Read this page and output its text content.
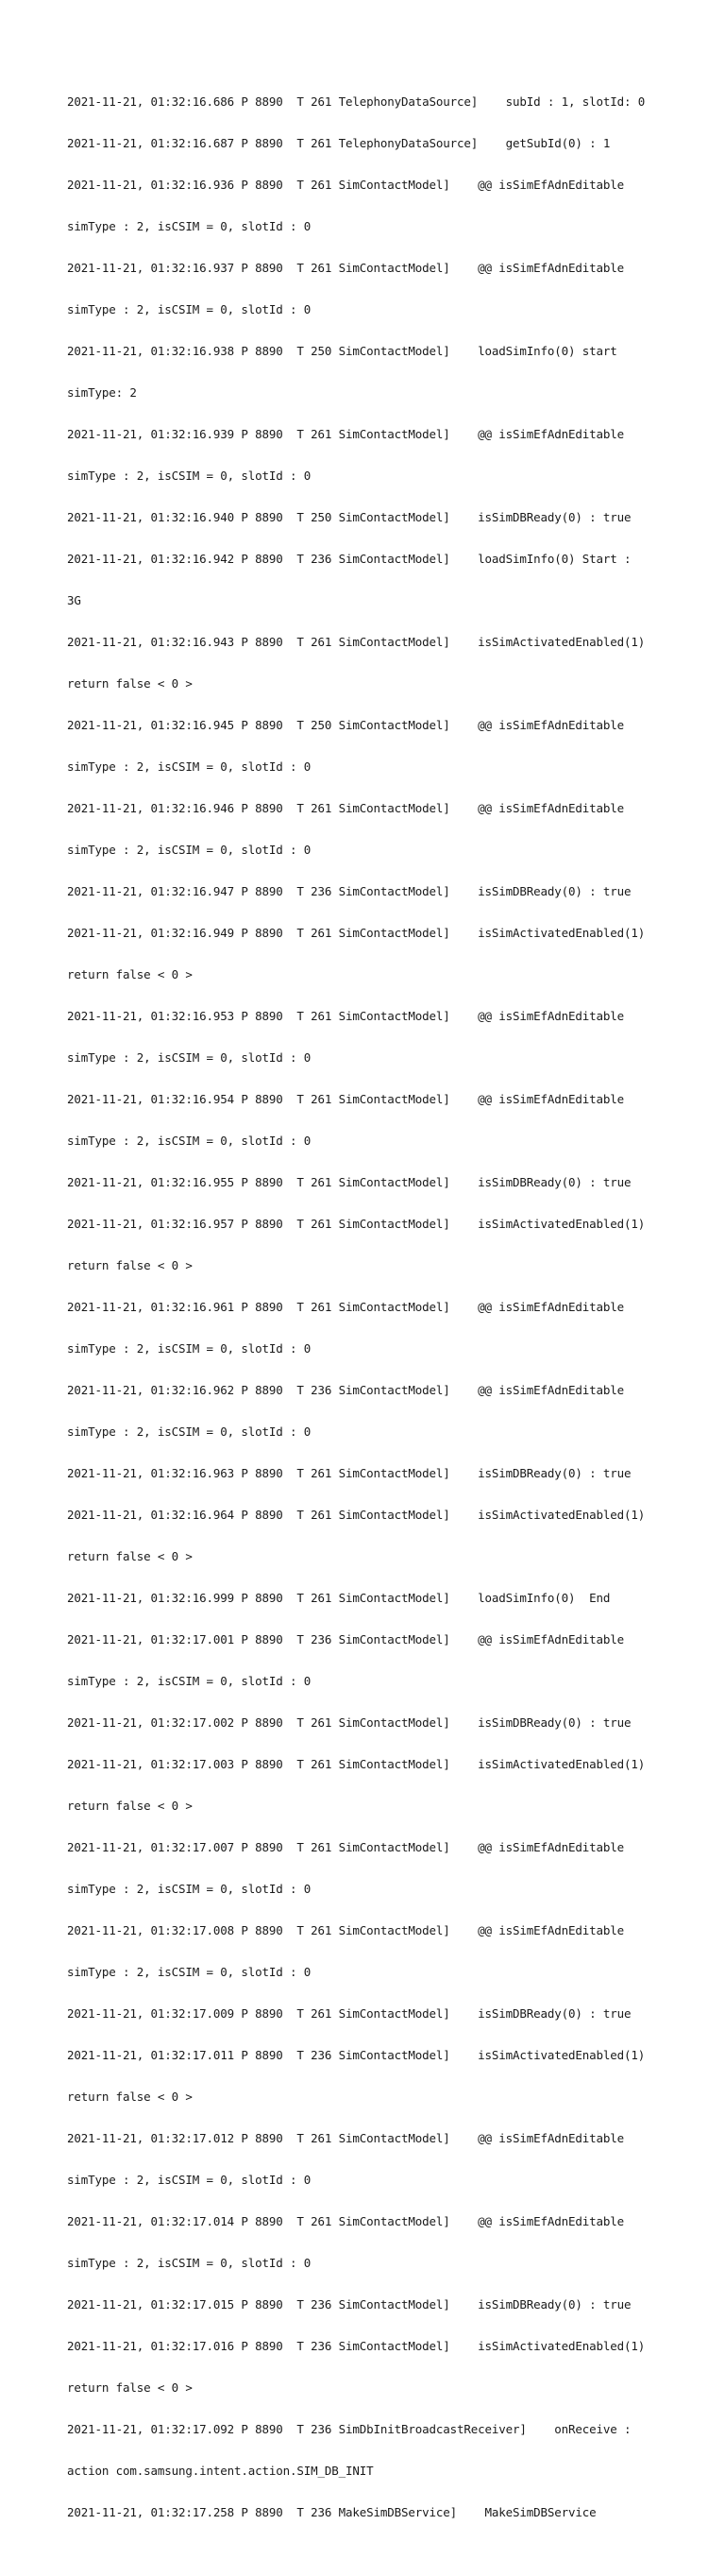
2021-11-21, 01:32:16.686 P 8890  T 261 TelephonyDataSource]    subId : 1, slotId: 0

2021-11-21, 01:32:16.687 P 8890  T 261 TelephonyDataSource]    getSubId(0) : 1

2021-11-21, 01:32:16.936 P 8890  T 261 SimContactModel]    @@ isSimEfAdnEditable

simType : 2, isCSIM = 0, slotId : 0

2021-11-21, 01:32:16.937 P 8890  T 261 SimContactModel]    @@ isSimEfAdnEditable

simType : 2, isCSIM = 0, slotId : 0

2021-11-21, 01:32:16.938 P 8890  T 250 SimContactModel]    loadSimInfo(0) start

simType: 2

2021-11-21, 01:32:16.939 P 8890  T 261 SimContactModel]    @@ isSimEfAdnEditable

simType : 2, isCSIM = 0, slotId : 0

2021-11-21, 01:32:16.940 P 8890  T 250 SimContactModel]    isSimDBReady(0) : true

2021-11-21, 01:32:16.942 P 8890  T 236 SimContactModel]    loadSimInfo(0) Start :

3G

2021-11-21, 01:32:16.943 P 8890  T 261 SimContactModel]    isSimActivatedEnabled(1)

return false < 0 >

2021-11-21, 01:32:16.945 P 8890  T 250 SimContactModel]    @@ isSimEfAdnEditable

simType : 2, isCSIM = 0, slotId : 0

2021-11-21, 01:32:16.946 P 8890  T 261 SimContactModel]    @@ isSimEfAdnEditable

simType : 2, isCSIM = 0, slotId : 0

2021-11-21, 01:32:16.947 P 8890  T 236 SimContactModel]    isSimDBReady(0) : true

2021-11-21, 01:32:16.949 P 8890  T 261 SimContactModel]    isSimActivatedEnabled(1)

return false < 0 >

2021-11-21, 01:32:16.953 P 8890  T 261 SimContactModel]    @@ isSimEfAdnEditable

simType : 2, isCSIM = 0, slotId : 0

2021-11-21, 01:32:16.954 P 8890  T 261 SimContactModel]    @@ isSimEfAdnEditable

simType : 2, isCSIM = 0, slotId : 0

2021-11-21, 01:32:16.955 P 8890  T 261 SimContactModel]    isSimDBReady(0) : true

2021-11-21, 01:32:16.957 P 8890  T 261 SimContactModel]    isSimActivatedEnabled(1)

return false < 0 >

2021-11-21, 01:32:16.961 P 8890  T 261 SimContactModel]    @@ isSimEfAdnEditable

simType : 2, isCSIM = 0, slotId : 0

2021-11-21, 01:32:16.962 P 8890  T 236 SimContactModel]    @@ isSimEfAdnEditable

simType : 2, isCSIM = 0, slotId : 0

2021-11-21, 01:32:16.963 P 8890  T 261 SimContactModel]    isSimDBReady(0) : true

2021-11-21, 01:32:16.964 P 8890  T 261 SimContactModel]    isSimActivatedEnabled(1)

return false < 0 >

2021-11-21, 01:32:16.999 P 8890  T 261 SimContactModel]    loadSimInfo(0)  End

2021-11-21, 01:32:17.001 P 8890  T 236 SimContactModel]    @@ isSimEfAdnEditable

simType : 2, isCSIM = 0, slotId : 0

2021-11-21, 01:32:17.002 P 8890  T 261 SimContactModel]    isSimDBReady(0) : true

2021-11-21, 01:32:17.003 P 8890  T 261 SimContactModel]    isSimActivatedEnabled(1)

return false < 0 >

2021-11-21, 01:32:17.007 P 8890  T 261 SimContactModel]    @@ isSimEfAdnEditable

simType : 2, isCSIM = 0, slotId : 0

2021-11-21, 01:32:17.008 P 8890  T 261 SimContactModel]    @@ isSimEfAdnEditable

simType : 2, isCSIM = 0, slotId : 0

2021-11-21, 01:32:17.009 P 8890  T 261 SimContactModel]    isSimDBReady(0) : true

2021-11-21, 01:32:17.011 P 8890  T 236 SimContactModel]    isSimActivatedEnabled(1)

return false < 0 >

2021-11-21, 01:32:17.012 P 8890  T 261 SimContactModel]    @@ isSimEfAdnEditable

simType : 2, isCSIM = 0, slotId : 0

2021-11-21, 01:32:17.014 P 8890  T 261 SimContactModel]    @@ isSimEfAdnEditable

simType : 2, isCSIM = 0, slotId : 0

2021-11-21, 01:32:17.015 P 8890  T 236 SimContactModel]    isSimDBReady(0) : true

2021-11-21, 01:32:17.016 P 8890  T 236 SimContactModel]    isSimActivatedEnabled(1)

return false < 0 >

2021-11-21, 01:32:17.092 P 8890  T 236 SimDbInitBroadcastReceiver]    onReceive :

action com.samsung.intent.action.SIM_DB_INIT

2021-11-21, 01:32:17.258 P 8890  T 236 MakeSimDBService]    MakeSimDBService
